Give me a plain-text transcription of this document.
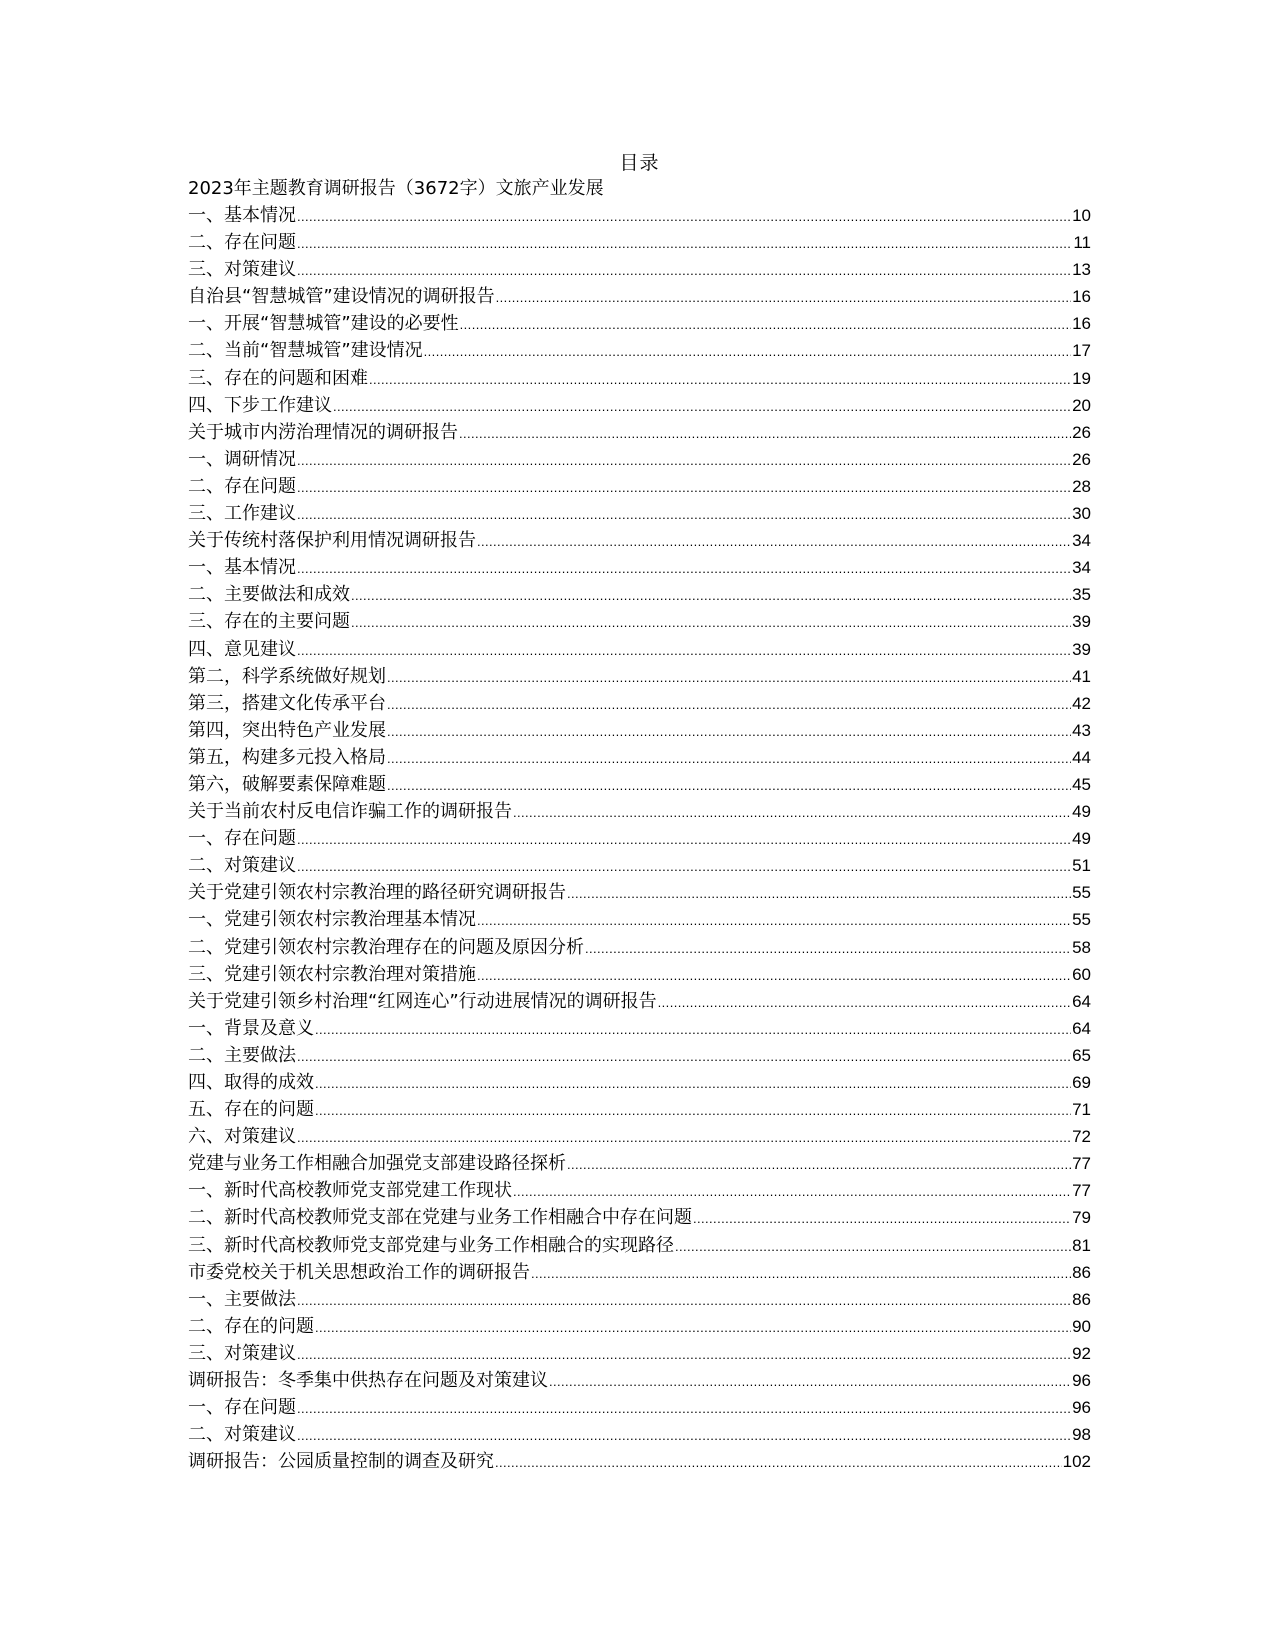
目录
2023年主题教育调研报告（3672字）文旅产业发展
一、基本情况 .....	10
二、存在问题 .....	11
三、对策建议 .....	13
自治县“智慧城管”建设情况的调研报告 .....	16
一、开展“智慧城管”建设的必要性 .....	16
二、当前“智慧城管”建设情况 .....	17
三、存在的问题和困难 .....	19
四、下步工作建议 .....	20
关于城市内涝治理情况的调研报告 .....	26
一、调研情况 .....	26
二、存在问题 .....	28
三、工作建议 .....	30
关于传统村落保护利用情况调研报告 .....	34
一、基本情况 .....	34
二、主要做法和成效 .....	35
三、存在的主要问题 .....	39
四、意见建议 .....	39
第二，科学系统做好规划 .....	41
第三，搭建文化传承平台 .....	42
第四，突出特色产业发展 .....	43
第五，构建多元投入格局 .....	44
第六，破解要素保障难题 .....	45
关于当前农村反电信诈骗工作的调研报告 .....	49
一、存在问题 .....	49
二、对策建议 .....	51
关于党建引领农村宗教治理的路径研究调研报告 .....	55
一、党建引领农村宗教治理基本情况 .....	55
二、党建引领农村宗教治理存在的问题及原因分析 .....	58
三、党建引领农村宗教治理对策措施 .....	60
关于党建引领乡村治理“红网连心”行动进展情况的调研报告 .....	64
一、背景及意义 .....	64
二、主要做法 .....	65
四、取得的成效 .....	69
五、存在的问题 .....	71
六、对策建议 .....	72
党建与业务工作相融合加强党支部建设路径探析 .....	77
一、新时代高校教师党支部党建工作现状 .....	77
二、新时代高校教师党支部在党建与业务工作相融合中存在问题 .....	79
三、新时代高校教师党支部党建与业务工作相融合的实现路径 .....	81
市委党校关于机关思想政治工作的调研报告 .....	86
一、主要做法 .....	86
二、存在的问题 .....	90
三、对策建议 .....	92
调研报告：冬季集中供热存在问题及对策建议 .....	96
一、存在问题 .....	96
二、对策建议 .....	98
调研报告：公园质量控制的调查及研究 .....	102
